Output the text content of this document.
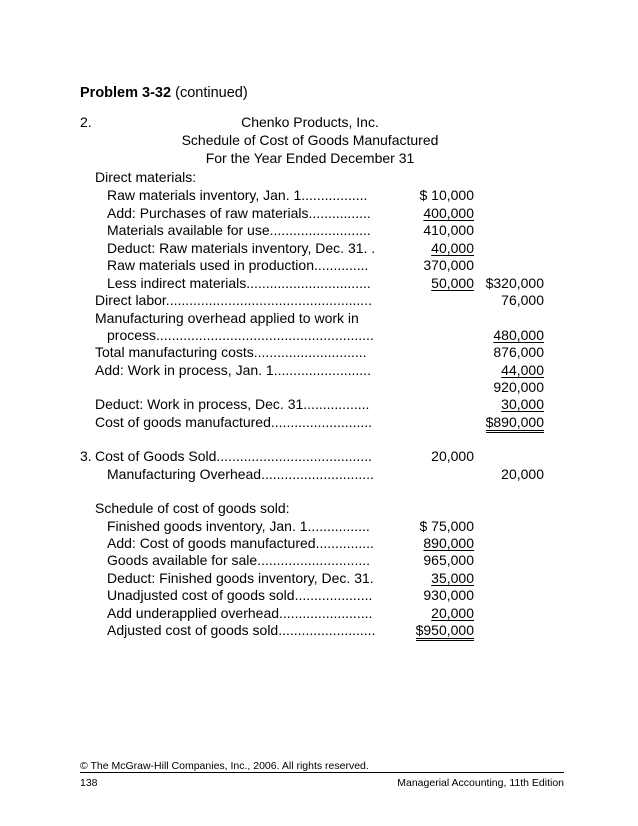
Problem 3-32 (continued)
2.	Chenko Products, Inc.
Schedule of Cost of Goods Manufactured
For the Year Ended December 31
Direct materials:
Raw materials inventory, Jan. 1.................	$ 10,000
Add: Purchases of raw materials................	400,000
Materials available for use..........................	410,000
Deduct: Raw materials inventory, Dec. 31. .	40,000
Raw materials used in production..............	370,000
Less indirect materials................................	50,000 $320,000
Direct labor.....................................................	76,000
Manufacturing overhead applied to work in
process........................................................	480,000
Total manufacturing costs.............................	876,000
Add: Work in process, Jan. 1.........................	44,000
920,000
Deduct: Work in process, Dec. 31.................	30,000
Cost of goods manufactured..........................	$890,000
3. Cost of Goods Sold........................................	20,000
Manufacturing Overhead.............................	20,000
Schedule of cost of goods sold:
Finished goods inventory, Jan. 1................	$ 75,000
Add: Cost of goods manufactured...............	890,000
Goods available for sale.............................	965,000
Deduct: Finished goods inventory, Dec. 31.	35,000
Unadjusted cost of goods sold....................	930,000
Add underapplied overhead........................	20,000
Adjusted cost of goods sold.........................	$950,000
© The McGraw-Hill Companies, Inc., 2006. All rights reserved.
138	Managerial Accounting, 11th Edition
